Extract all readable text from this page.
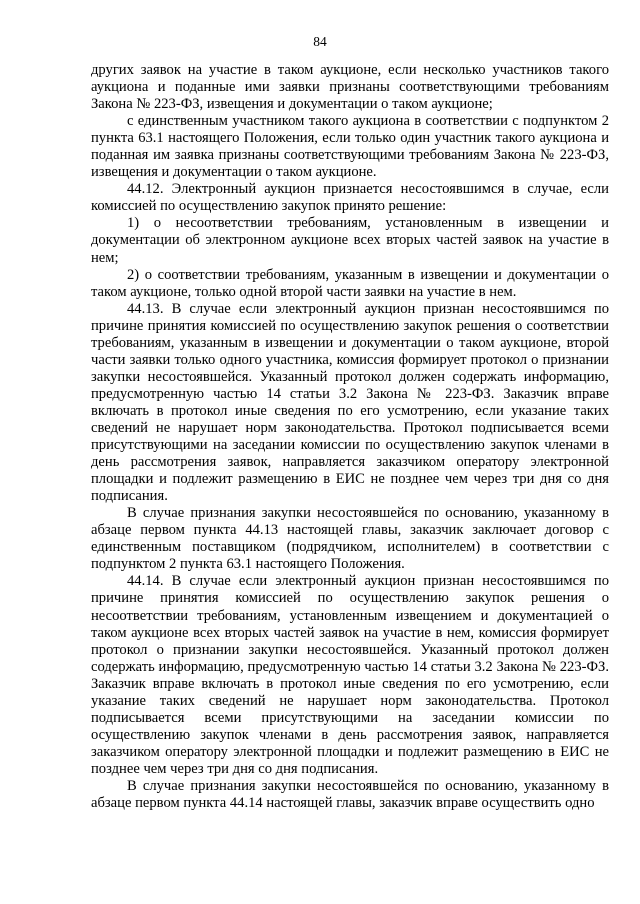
84

других заявок на участие в таком аукционе, если несколько участников такого аукциона и поданные ими заявки признаны соответствующими требованиям Закона № 223-ФЗ, извещения и документации о таком аукционе;

с единственным участником такого аукциона в соответствии с подпунктом 2 пункта 63.1 настоящего Положения, если только один участник такого аукциона и поданная им заявка признаны соответствующими требованиям Закона № 223-ФЗ, извещения и документации о таком аукционе.

44.12. Электронный аукцион признается несостоявшимся в случае, если комиссией по осуществлению закупок принято решение:

1) о несоответствии требованиям, установленным в извещении и документации об электронном аукционе всех вторых частей заявок на участие в нем;

2) о соответствии требованиям, указанным в извещении и документации о таком аукционе, только одной второй части заявки на участие в нем.

44.13. В случае если электронный аукцион признан несостоявшимся по причине принятия комиссией по осуществлению закупок решения о соответствии требованиям, указанным в извещении и документации о таком аукционе, второй части заявки только одного участника, комиссия формирует протокол о признании закупки несостоявшейся. Указанный протокол должен содержать информацию, предусмотренную частью 14 статьи 3.2 Закона № 223-ФЗ. Заказчик вправе включать в протокол иные сведения по его усмотрению, если указание таких сведений не нарушает норм законодательства. Протокол подписывается всеми присутствующими на заседании комиссии по осуществлению закупок членами в день рассмотрения заявок, направляется заказчиком оператору электронной площадки и подлежит размещению в ЕИС не позднее чем через три дня со дня подписания.

В случае признания закупки несостоявшейся по основанию, указанному в абзаце первом пункта 44.13 настоящей главы, заказчик заключает договор с единственным поставщиком (подрядчиком, исполнителем) в соответствии с подпунктом 2 пункта 63.1 настоящего Положения.

44.14. В случае если электронный аукцион признан несостоявшимся по причине принятия комиссией по осуществлению закупок решения о несоответствии требованиям, установленным извещением и документацией о таком аукционе всех вторых частей заявок на участие в нем, комиссия формирует протокол о признании закупки несостоявшейся. Указанный протокол должен содержать информацию, предусмотренную частью 14 статьи 3.2 Закона № 223-ФЗ. Заказчик вправе включать в протокол иные сведения по его усмотрению, если указание таких сведений не нарушает норм законодательства. Протокол подписывается всеми присутствующими на заседании комиссии по осуществлению закупок членами в день рассмотрения заявок, направляется заказчиком оператору электронной площадки и подлежит размещению в ЕИС не позднее чем через три дня со дня подписания.

В случае признания закупки несостоявшейся по основанию, указанному в абзаце первом пункта 44.14 настоящей главы, заказчик вправе осуществить одно
